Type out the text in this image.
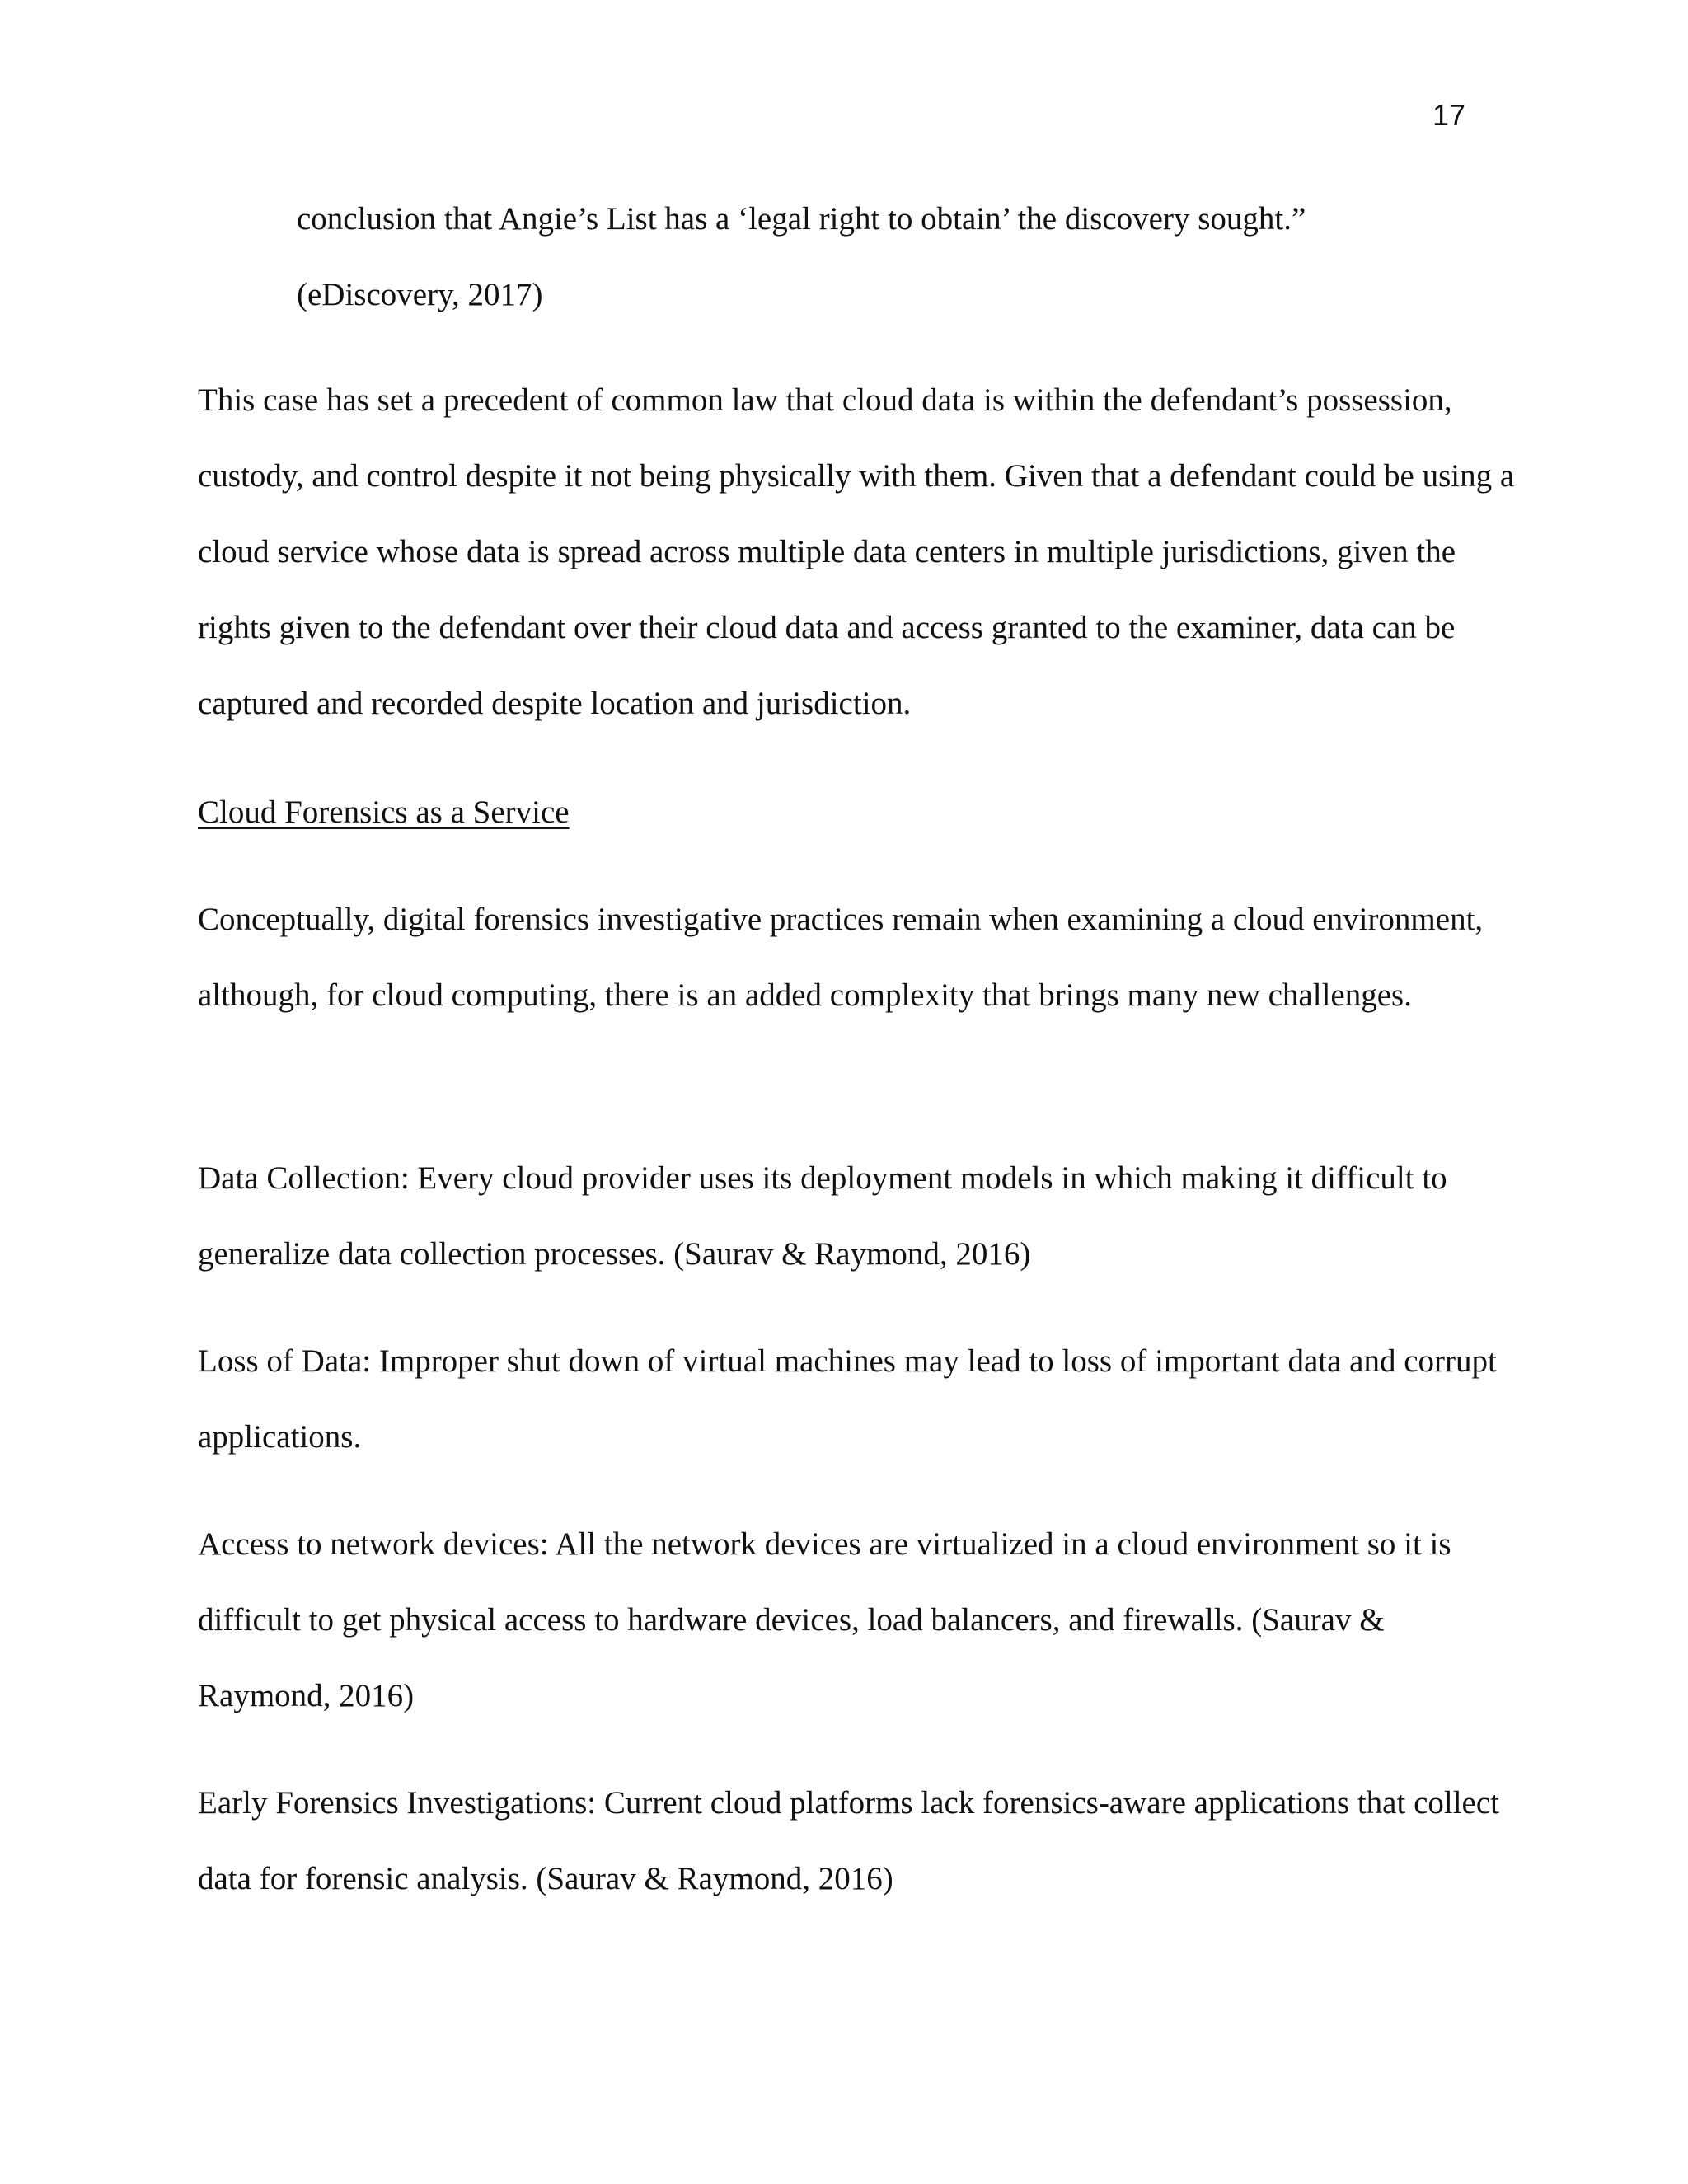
17

conclusion that Angie’s List has a ‘legal right to obtain’ the discovery sought.”

(eDiscovery, 2017)

This case has set a precedent of common law that cloud data is within the defendant’s possession, custody, and control despite it not being physically with them. Given that a defendant could be using a cloud service whose data is spread across multiple data centers in multiple jurisdictions, given the rights given to the defendant over their cloud data and access granted to the examiner, data can be captured and recorded despite location and jurisdiction.

Cloud Forensics as a Service

Conceptually, digital forensics investigative practices remain when examining a cloud environment, although, for cloud computing, there is an added complexity that brings many new challenges.

Data Collection: Every cloud provider uses its deployment models in which making it difficult to generalize data collection processes. (Saurav & Raymond, 2016)

Loss of Data: Improper shut down of virtual machines may lead to loss of important data and corrupt applications.

Access to network devices: All the network devices are virtualized in a cloud environment so it is difficult to get physical access to hardware devices, load balancers, and firewalls. (Saurav & Raymond, 2016)

Early Forensics Investigations: Current cloud platforms lack forensics-aware applications that collect data for forensic analysis. (Saurav & Raymond, 2016)
